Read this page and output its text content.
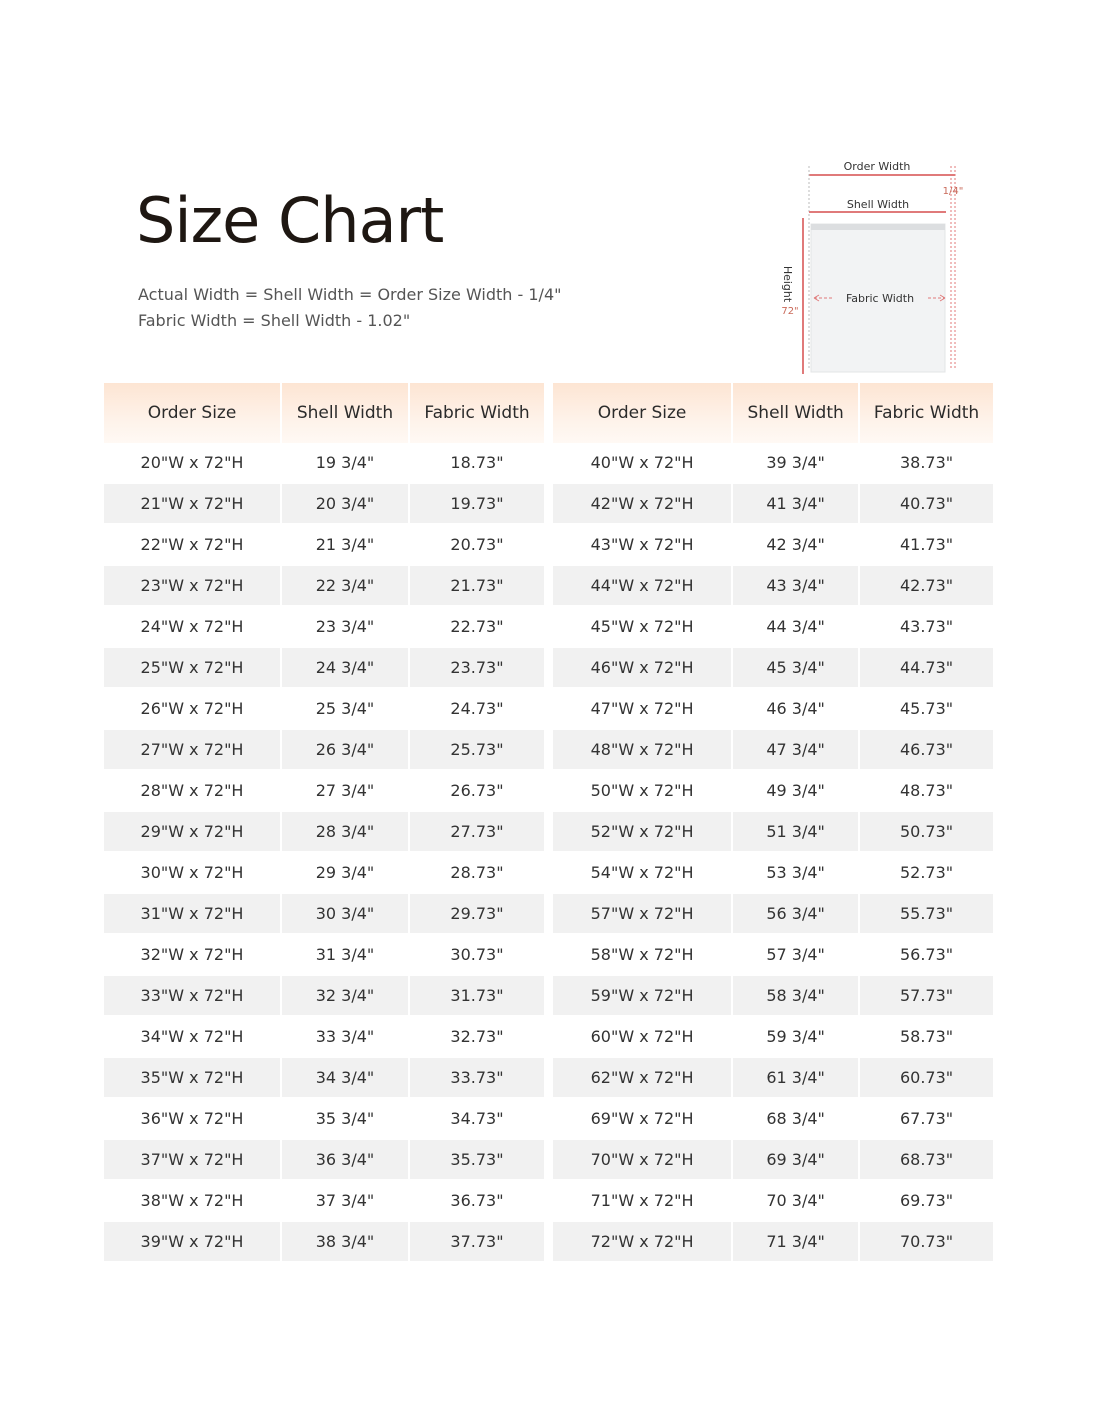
Size Chart
Actual Width = Shell Width = Order Size Width - 1/4"
Fabric Width = Shell Width - 1.02"
Order Width
1/4"
Shell Width
Height
72"
Fabric Width
Order Size	Shell Width	Fabric Width
20"W x 72"H	19 3/4"	18.73"
21"W x 72"H	20 3/4"	19.73"
22"W x 72"H	21 3/4"	20.73"
23"W x 72"H	22 3/4"	21.73"
24"W x 72"H	23 3/4"	22.73"
25"W x 72"H	24 3/4"	23.73"
26"W x 72"H	25 3/4"	24.73"
27"W x 72"H	26 3/4"	25.73"
28"W x 72"H	27 3/4"	26.73"
29"W x 72"H	28 3/4"	27.73"
30"W x 72"H	29 3/4"	28.73"
31"W x 72"H	30 3/4"	29.73"
32"W x 72"H	31 3/4"	30.73"
33"W x 72"H	32 3/4"	31.73"
34"W x 72"H	33 3/4"	32.73"
35"W x 72"H	34 3/4"	33.73"
36"W x 72"H	35 3/4"	34.73"
37"W x 72"H	36 3/4"	35.73"
38"W x 72"H	37 3/4"	36.73"
39"W x 72"H	38 3/4"	37.73"
Order Size	Shell Width	Fabric Width
40"W x 72"H	39 3/4"	38.73"
42"W x 72"H	41 3/4"	40.73"
43"W x 72"H	42 3/4"	41.73"
44"W x 72"H	43 3/4"	42.73"
45"W x 72"H	44 3/4"	43.73"
46"W x 72"H	45 3/4"	44.73"
47"W x 72"H	46 3/4"	45.73"
48"W x 72"H	47 3/4"	46.73"
50"W x 72"H	49 3/4"	48.73"
52"W x 72"H	51 3/4"	50.73"
54"W x 72"H	53 3/4"	52.73"
57"W x 72"H	56 3/4"	55.73"
58"W x 72"H	57 3/4"	56.73"
59"W x 72"H	58 3/4"	57.73"
60"W x 72"H	59 3/4"	58.73"
62"W x 72"H	61 3/4"	60.73"
69"W x 72"H	68 3/4"	67.73"
70"W x 72"H	69 3/4"	68.73"
71"W x 72"H	70 3/4"	69.73"
72"W x 72"H	71 3/4"	70.73"
